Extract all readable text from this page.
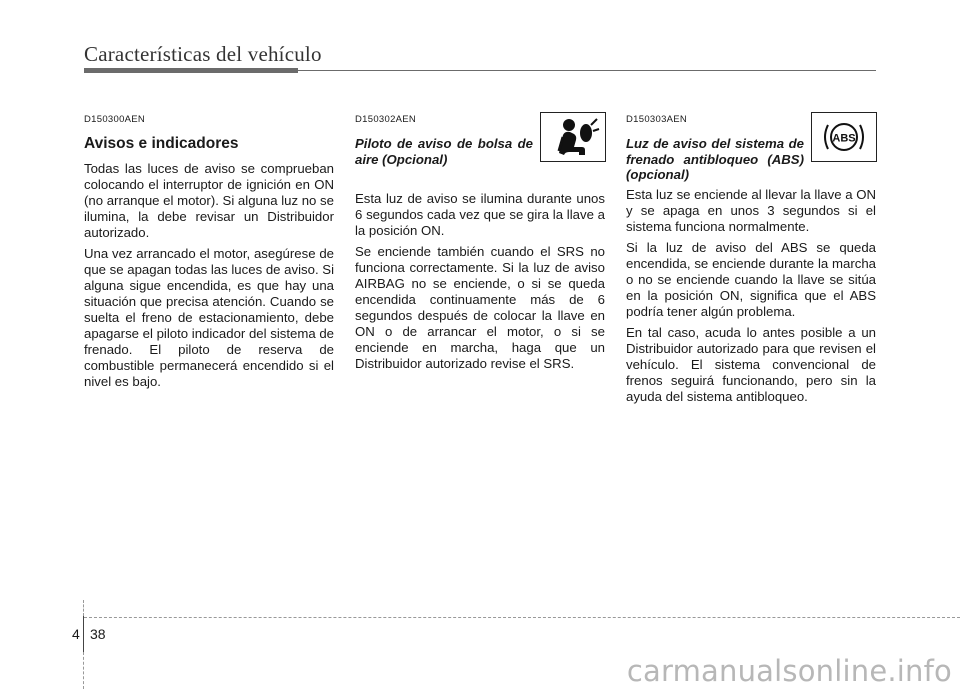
Características del vehículo
D150300AEN
Avisos e indicadores

Todas las luces de aviso se comprueban colocando el interruptor de ignición en ON (no arranque el motor). Si alguna luz no se ilumina, la debe revisar un Distribuidor autorizado.

Una vez arrancado el motor, asegúrese de que se apagan todas las luces de aviso. Si alguna sigue encendida, es que hay una situación que precisa atención. Cuando se suelta el freno de estacionamiento, debe apagarse el piloto indicador del sistema de frenado. El piloto de reserva de combustible permanecerá encendido si el nivel es bajo.

D150302AEN
Piloto de aviso de bolsa de aire (Opcional)

Esta luz de aviso se ilumina durante unos 6 segundos cada vez que se gira la llave a la posición ON.

Se enciende también cuando el SRS no funciona correctamente. Si la luz de aviso AIRBAG no se enciende, o si se queda encendida continuamente más de 6 segundos después de colocar la llave en ON o de arrancar el motor, o si se enciende en marcha, haga que un Distribuidor autorizado revise el SRS.

D150303AEN
Luz de aviso del sistema de frenado antibloqueo (ABS) (opcional)

Esta luz se enciende al llevar la llave a ON y se apaga en unos 3 segundos si el sistema funciona normalmente.

Si la luz de aviso del ABS se queda encendida, se enciende durante la marcha o no se enciende cuando la llave se sitúa en la posición ON, significa que el ABS podría tener algún problema.

En tal caso, acuda lo antes posible a un Distribuidor autorizado para que revisen el vehículo. El sistema convencional de frenos seguirá funcionando, pero sin la ayuda del sistema antibloqueo.

ABS
4 38
carmanualsonline.info
